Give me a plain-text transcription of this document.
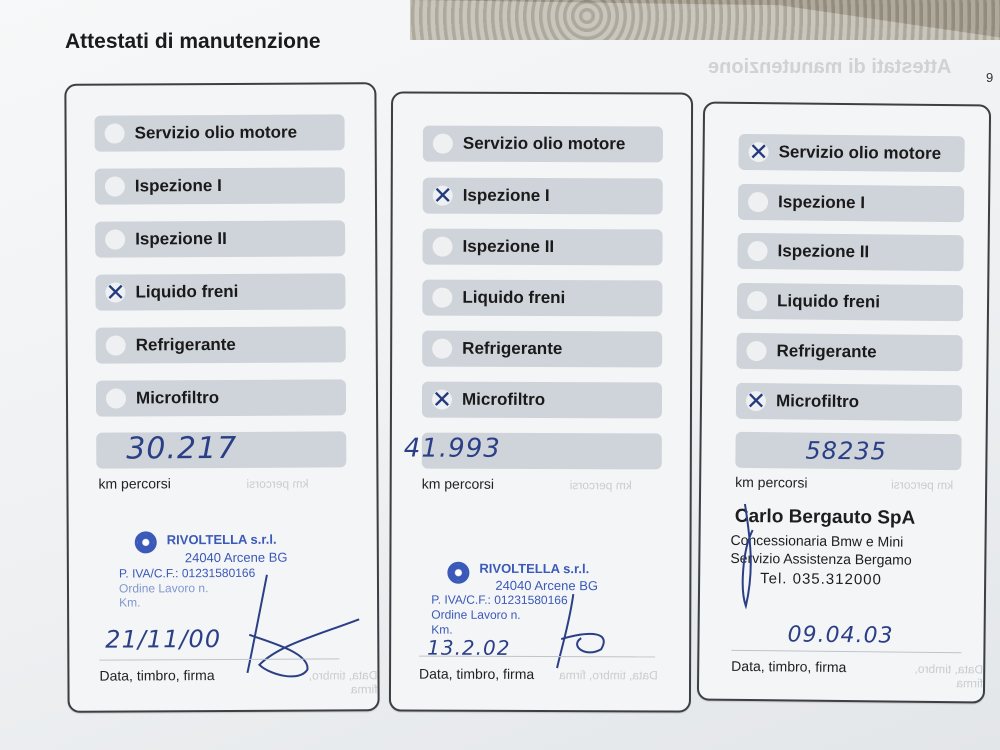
Attestati di manutenzione
Attestati di manutenzione	9
Servizio olio motore
Ispezione I
Ispezione II
✕ Liquido freni
Refrigerante
Microfiltro
30.217
km percorsi	km percorsi
RIVOLTELLA s.r.l.
24040 Arcene BG
P. IVA/C.F.: 01231580166
Ordine Lavoro n.
Km.
21/11/00
Data, timbro, firma	Data, timbro, firma
Servizio olio motore
✕ Ispezione I
Ispezione II
Liquido freni
Refrigerante
✕ Microfiltro
41.993
km percorsi	km percorsi
RIVOLTELLA s.r.l.
24040 Arcene BG
P. IVA/C.F.: 01231580166
Ordine Lavoro n.
Km.
13.2.02
Data, timbro, firma Data, timbro, firma
✕ Servizio olio motore
Ispezione I
Ispezione II
Liquido freni
Refrigerante
✕ Microfiltro
58235
km percorsi	km percorsi
Carlo Bergauto SpA
Concessionaria Bmw e Mini
Servizio Assistenza Bergamo
Tel. 035.312000
09.04.03
Data, timbro, firma	Data, timbro, firma
